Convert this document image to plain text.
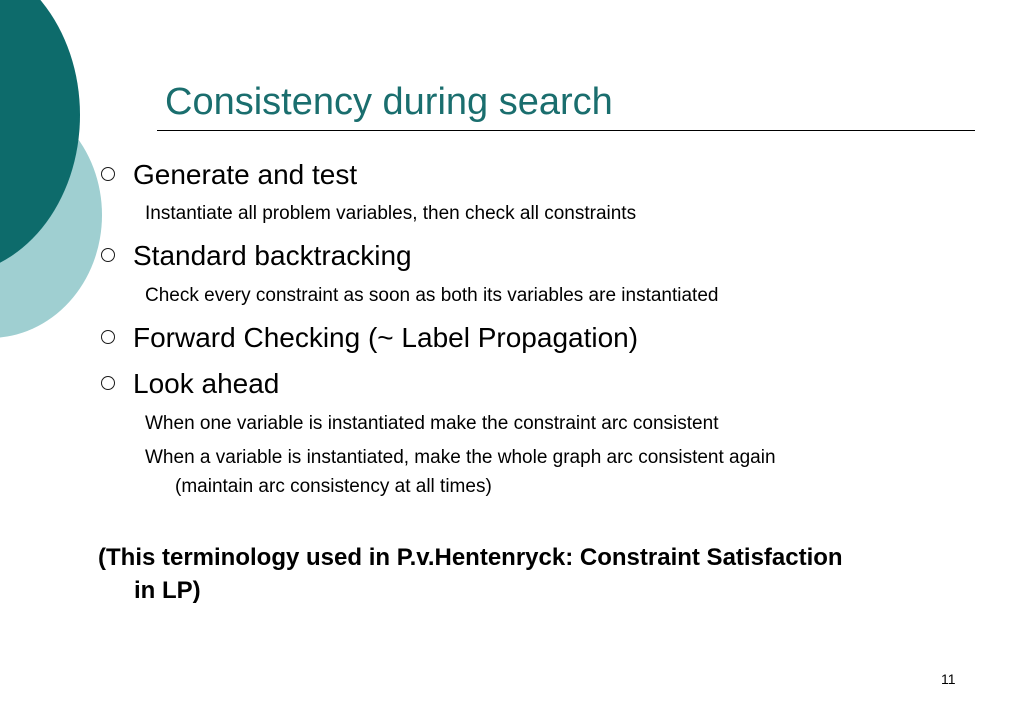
Consistency during search
Generate and test
Instantiate all problem variables, then check all constraints
Standard backtracking
Check every constraint as soon as both its variables are instantiated
Forward Checking (~ Label Propagation)
Look ahead
When one variable is instantiated make the constraint arc consistent
When a variable is instantiated, make the whole graph arc consistent again
(maintain arc consistency at all times)
(This terminology used in P.v.Hentenryck: Constraint Satisfaction
in LP)
11
